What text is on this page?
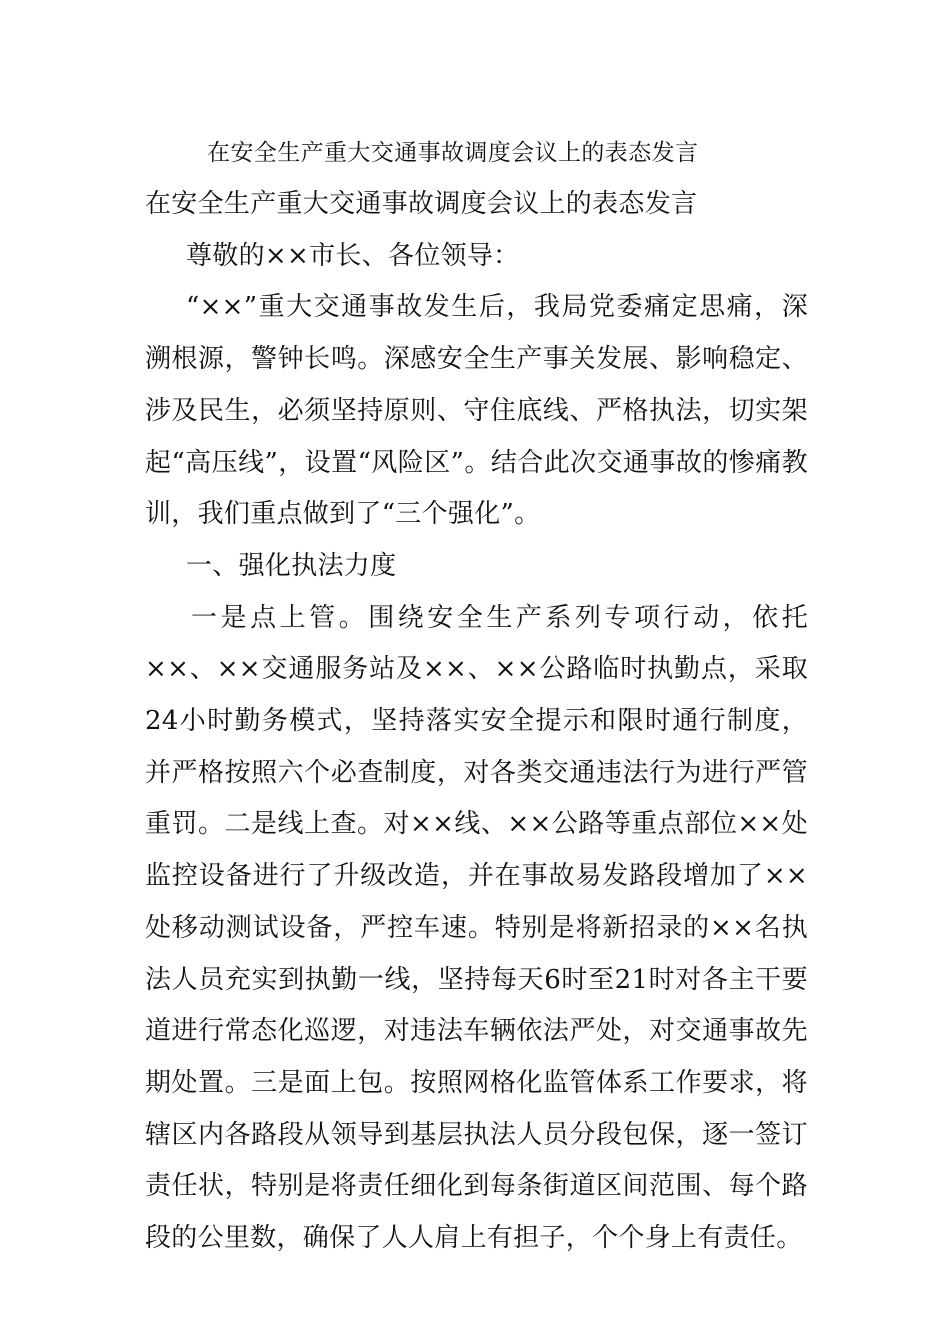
在安全生产重大交通事故调度会议上的表态发言

在安全生产重大交通事故调度会议上的表态发言

尊敬的××市长、各位领导：

“××”重大交通事故发生后，我局党委痛定思痛，深溯根源，警钟长鸣。深感安全生产事关发展、影响稳定、涉及民生，必须坚持原则、守住底线、严格执法，切实架起“高压线”，设置“风险区”。结合此次交通事故的惨痛教训，我们重点做到了“三个强化”。

一、强化执法力度

一是点上管。围绕安全生产系列专项行动，依托××、××交通服务站及××、××公路临时执勤点，采取24小时勤务模式，坚持落实安全提示和限时通行制度，并严格按照六个必查制度，对各类交通违法行为进行严管重罚。二是线上查。对××线、××公路等重点部位××处监控设备进行了升级改造，并在事故易发路段增加了××处移动测试设备，严控车速。特别是将新招录的××名执法人员充实到执勤一线，坚持每天6时至21时对各主干要道进行常态化巡逻，对违法车辆依法严处，对交通事故先期处置。三是面上包。按照网格化监管体系工作要求，将辖区内各路段从领导到基层执法人员分段包保，逐一签订责任状，特别是将责任细化到每条街道区间范围、每个路段的公里数，确保了人人肩上有担子，个个身上有责任。
